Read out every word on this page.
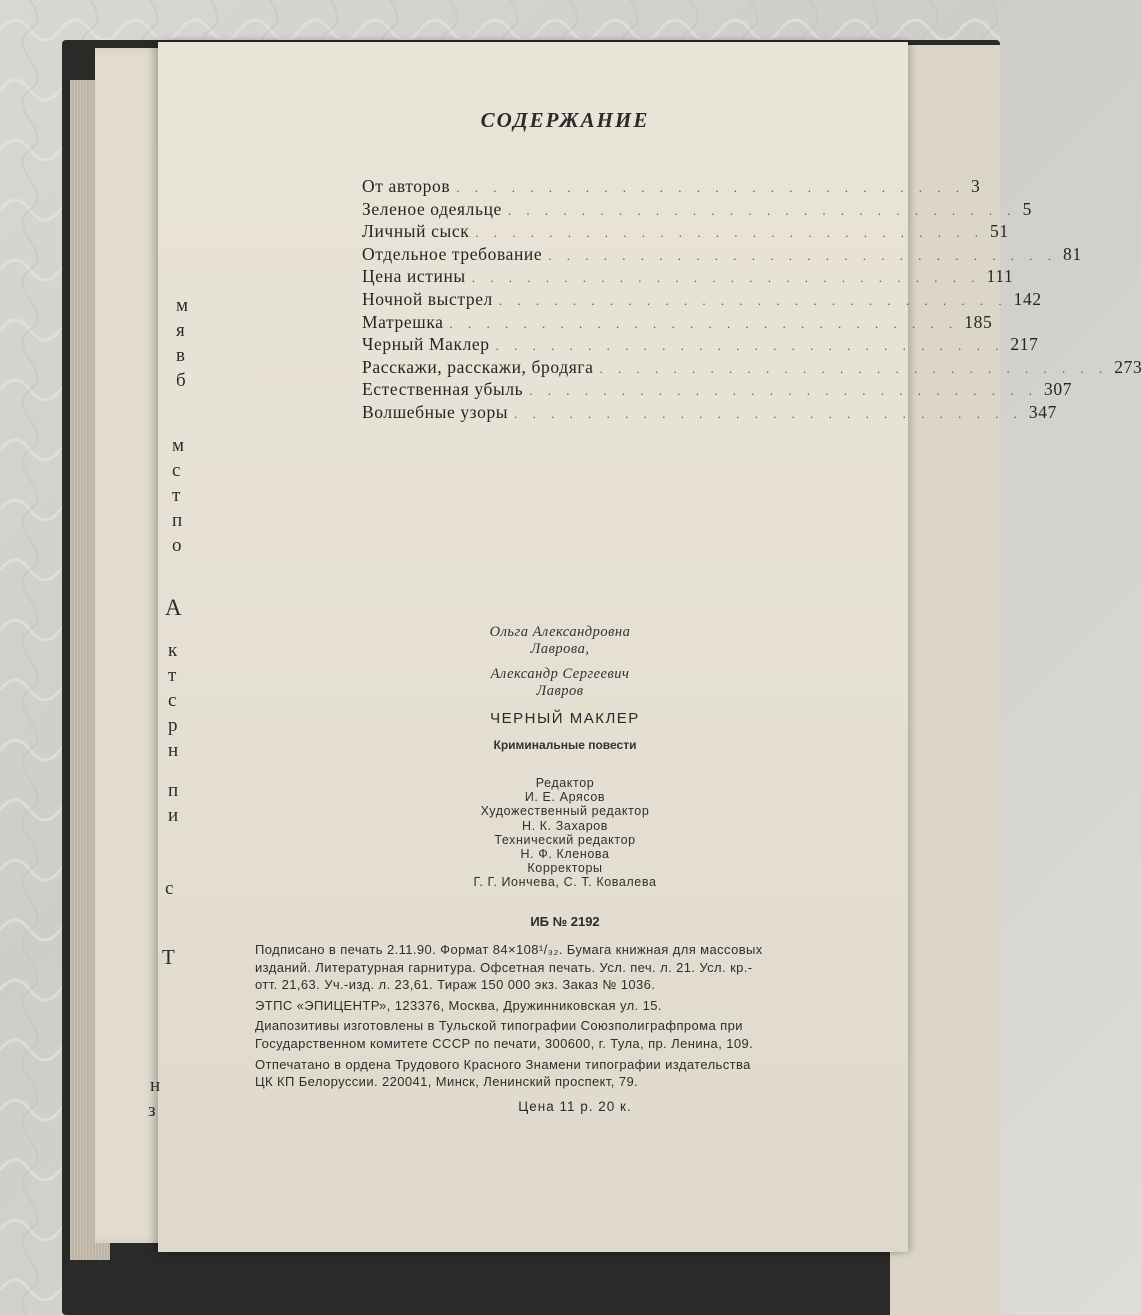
м
я
в
б
м
с
т
п
о
А
к
т
с
р
н
п
и
с
Т
н
з
СОДЕРЖАНИЕ
От авторов . . . . . . . . . . . . . . . . . . . . . . . . . . . . 3
Зеленое одеяльце . . . . . . . . . . . . . . . . . . . . . . . . . . . . 5
Личный сыск . . . . . . . . . . . . . . . . . . . . . . . . . . . . 51
Отдельное требование . . . . . . . . . . . . . . . . . . . . . . . . . . . . 81
Цена истины . . . . . . . . . . . . . . . . . . . . . . . . . . . . 111
Ночной выстрел . . . . . . . . . . . . . . . . . . . . . . . . . . . . 142
Матрешка . . . . . . . . . . . . . . . . . . . . . . . . . . . . 185
Черный Маклер . . . . . . . . . . . . . . . . . . . . . . . . . . . . 217
Расскажи, расскажи, бродяга . . . . . . . . . . . . . . . . . . . . . . . . . . . . 273
Естественная убыль . . . . . . . . . . . . . . . . . . . . . . . . . . . . 307
Волшебные узоры . . . . . . . . . . . . . . . . . . . . . . . . . . . . 347
Ольга Александровна
Лаврова,
Александр Сергеевич
Лавров
ЧЕРНЫЙ МАКЛЕР
Криминальные повести
Редактор
И. Е. Арясов
Художественный редактор
Н. К. Захаров
Технический редактор
Н. Ф. Кленова
Корректоры
Г. Г. Иончева, С. Т. Ковалева
ИБ № 2192

Подписано в печать 2.11.90. Формат 84×108¹/₃₂. Бумага книжная для массовых
изданий. Литературная гарнитура. Офсетная печать. Усл. печ. л. 21. Усл. кр.-
отт. 21,63. Уч.-изд. л. 23,61. Тираж 150 000 экз. Заказ № 1036.

ЭТПС «ЭПИЦЕНТР», 123376, Москва, Дружинниковская ул. 15.

Диапозитивы изготовлены в Тульской типографии Союзполиграфпрома при
Государственном комитете СССР по печати, 300600, г. Тула, пр. Ленина, 109.

Отпечатано в ордена Трудового Красного Знамени типографии издательства
ЦК КП Белоруссии. 220041, Минск, Ленинский проспект, 79.

Цена 11 р. 20 к.
